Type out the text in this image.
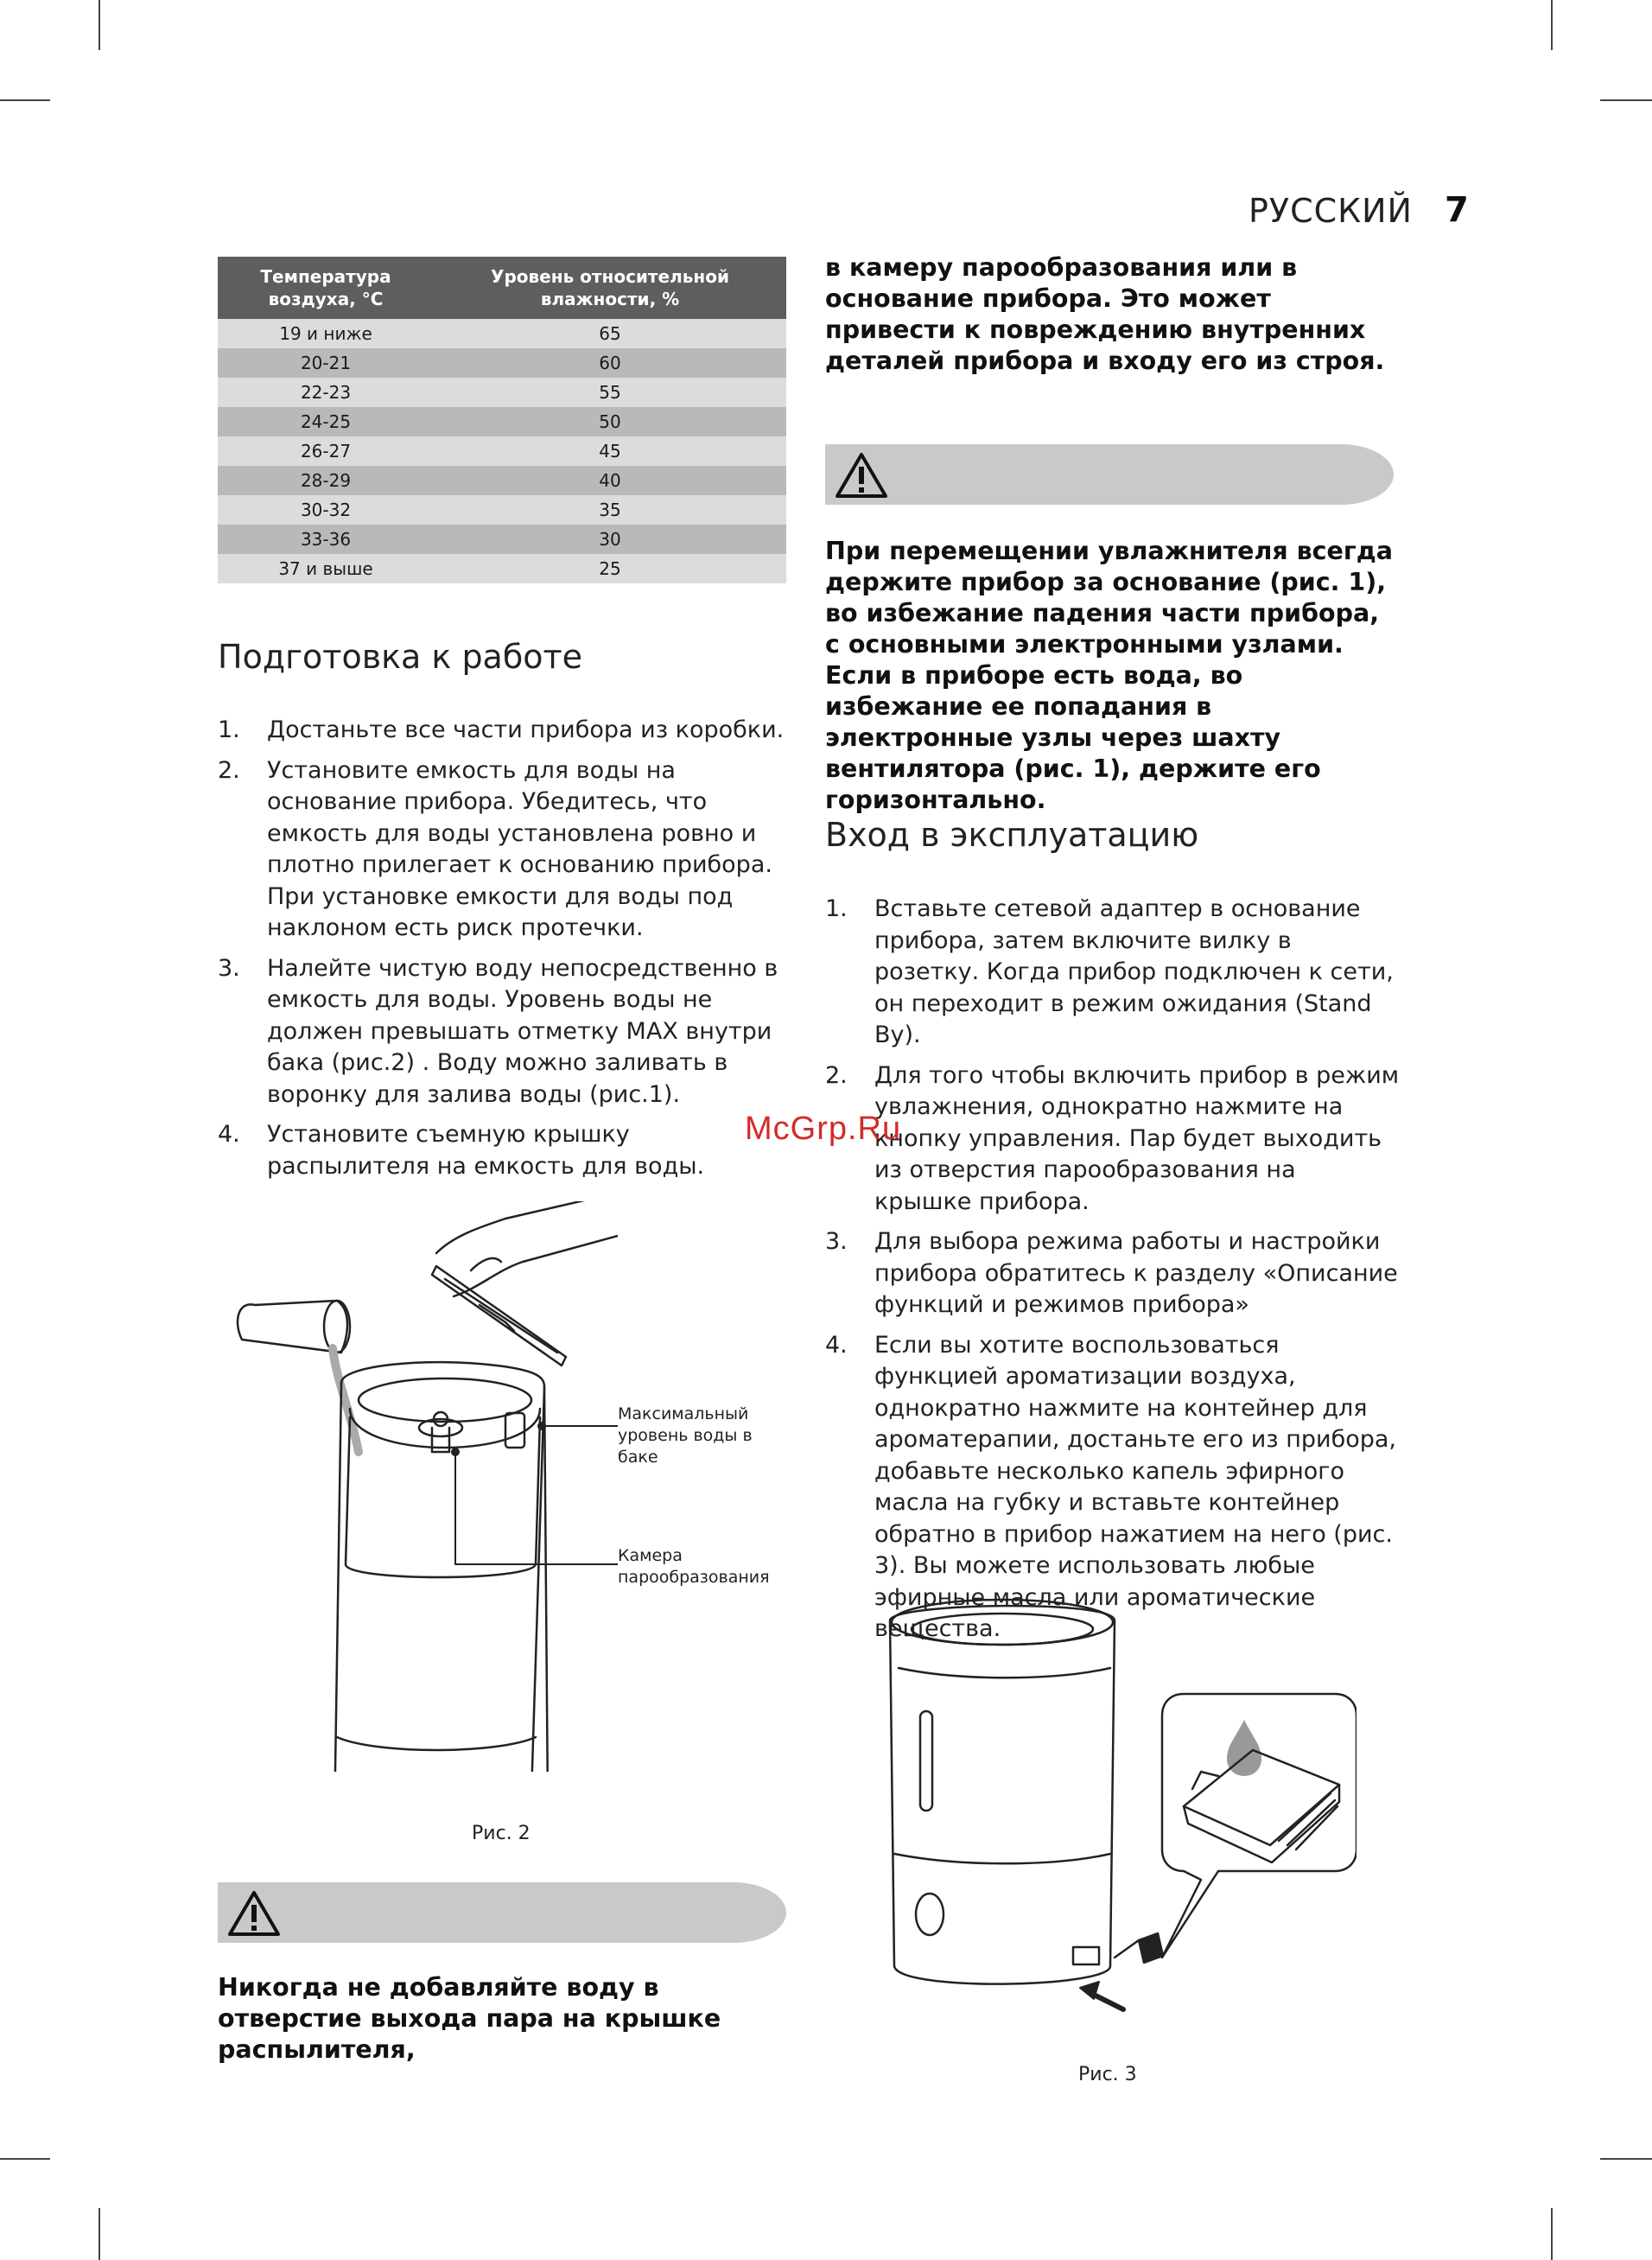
РУССКИЙ 7
Температура воздуха, °C	Уровень относительной влажности, %
19 и ниже	65
20-21	60
22-23	55
24-25	50
26-27	45
28-29	40
30-32	35
33-36	30
37 и выше	25
Подготовка к работе
1. Достаньте все части прибора из коробки.
2. Установите емкость для воды на основание прибора. Убедитесь, что емкость для воды установлена ровно и плотно прилегает к основанию прибора. При установке емкости для воды под наклоном есть риск протечки.
3. Налейте чистую воду непосредственно в емкость для воды. Уровень воды не должен превышать отметку MAX внутри бака (рис.2) . Воду можно заливать в воронку для залива воды (рис.1).
4. Установите съемную крышку распылителя на емкость для воды.
Максимальный уровень воды в баке
Камера парообразования
Рис. 2
Никогда не добавляйте воду в отверстие выхода пара на крышке распылителя,
в камеру парообразования или в основание прибора. Это может привести к повреждению внутренних деталей прибора и входу его из строя.
При перемещении увлажнителя всегда держите прибор за основание (рис. 1), во избежание падения части прибора, с основными электронными узлами. Если в приборе есть вода, во избежание ее попадания в электронные узлы через шахту вентилятора (рис. 1), держите его горизонтально.
Вход в эксплуатацию
1. Вставьте сетевой адаптер в основание прибора, затем включите вилку в розетку. Когда прибор подключен к сети, он переходит в режим ожидания (Stand By).
2. Для того чтобы включить прибор в режим увлажнения, однократно нажмите на кнопку управления. Пар будет выходить из отверстия парообразования на крышке прибора.
3. Для выбора режима работы и настройки прибора обратитесь к разделу «Описание функций и режимов прибора»
4. Если вы хотите воспользоваться функцией ароматизации воздуха, однократно нажмите на контейнер для ароматерапии, достаньте его из прибора, добавьте несколько капель эфирного масла на губку и вставьте контейнер обратно в прибор нажатием на него (рис. 3). Вы можете использовать любые эфирные масла или ароматические вещества.
Рис. 3
McGrp.Ru
